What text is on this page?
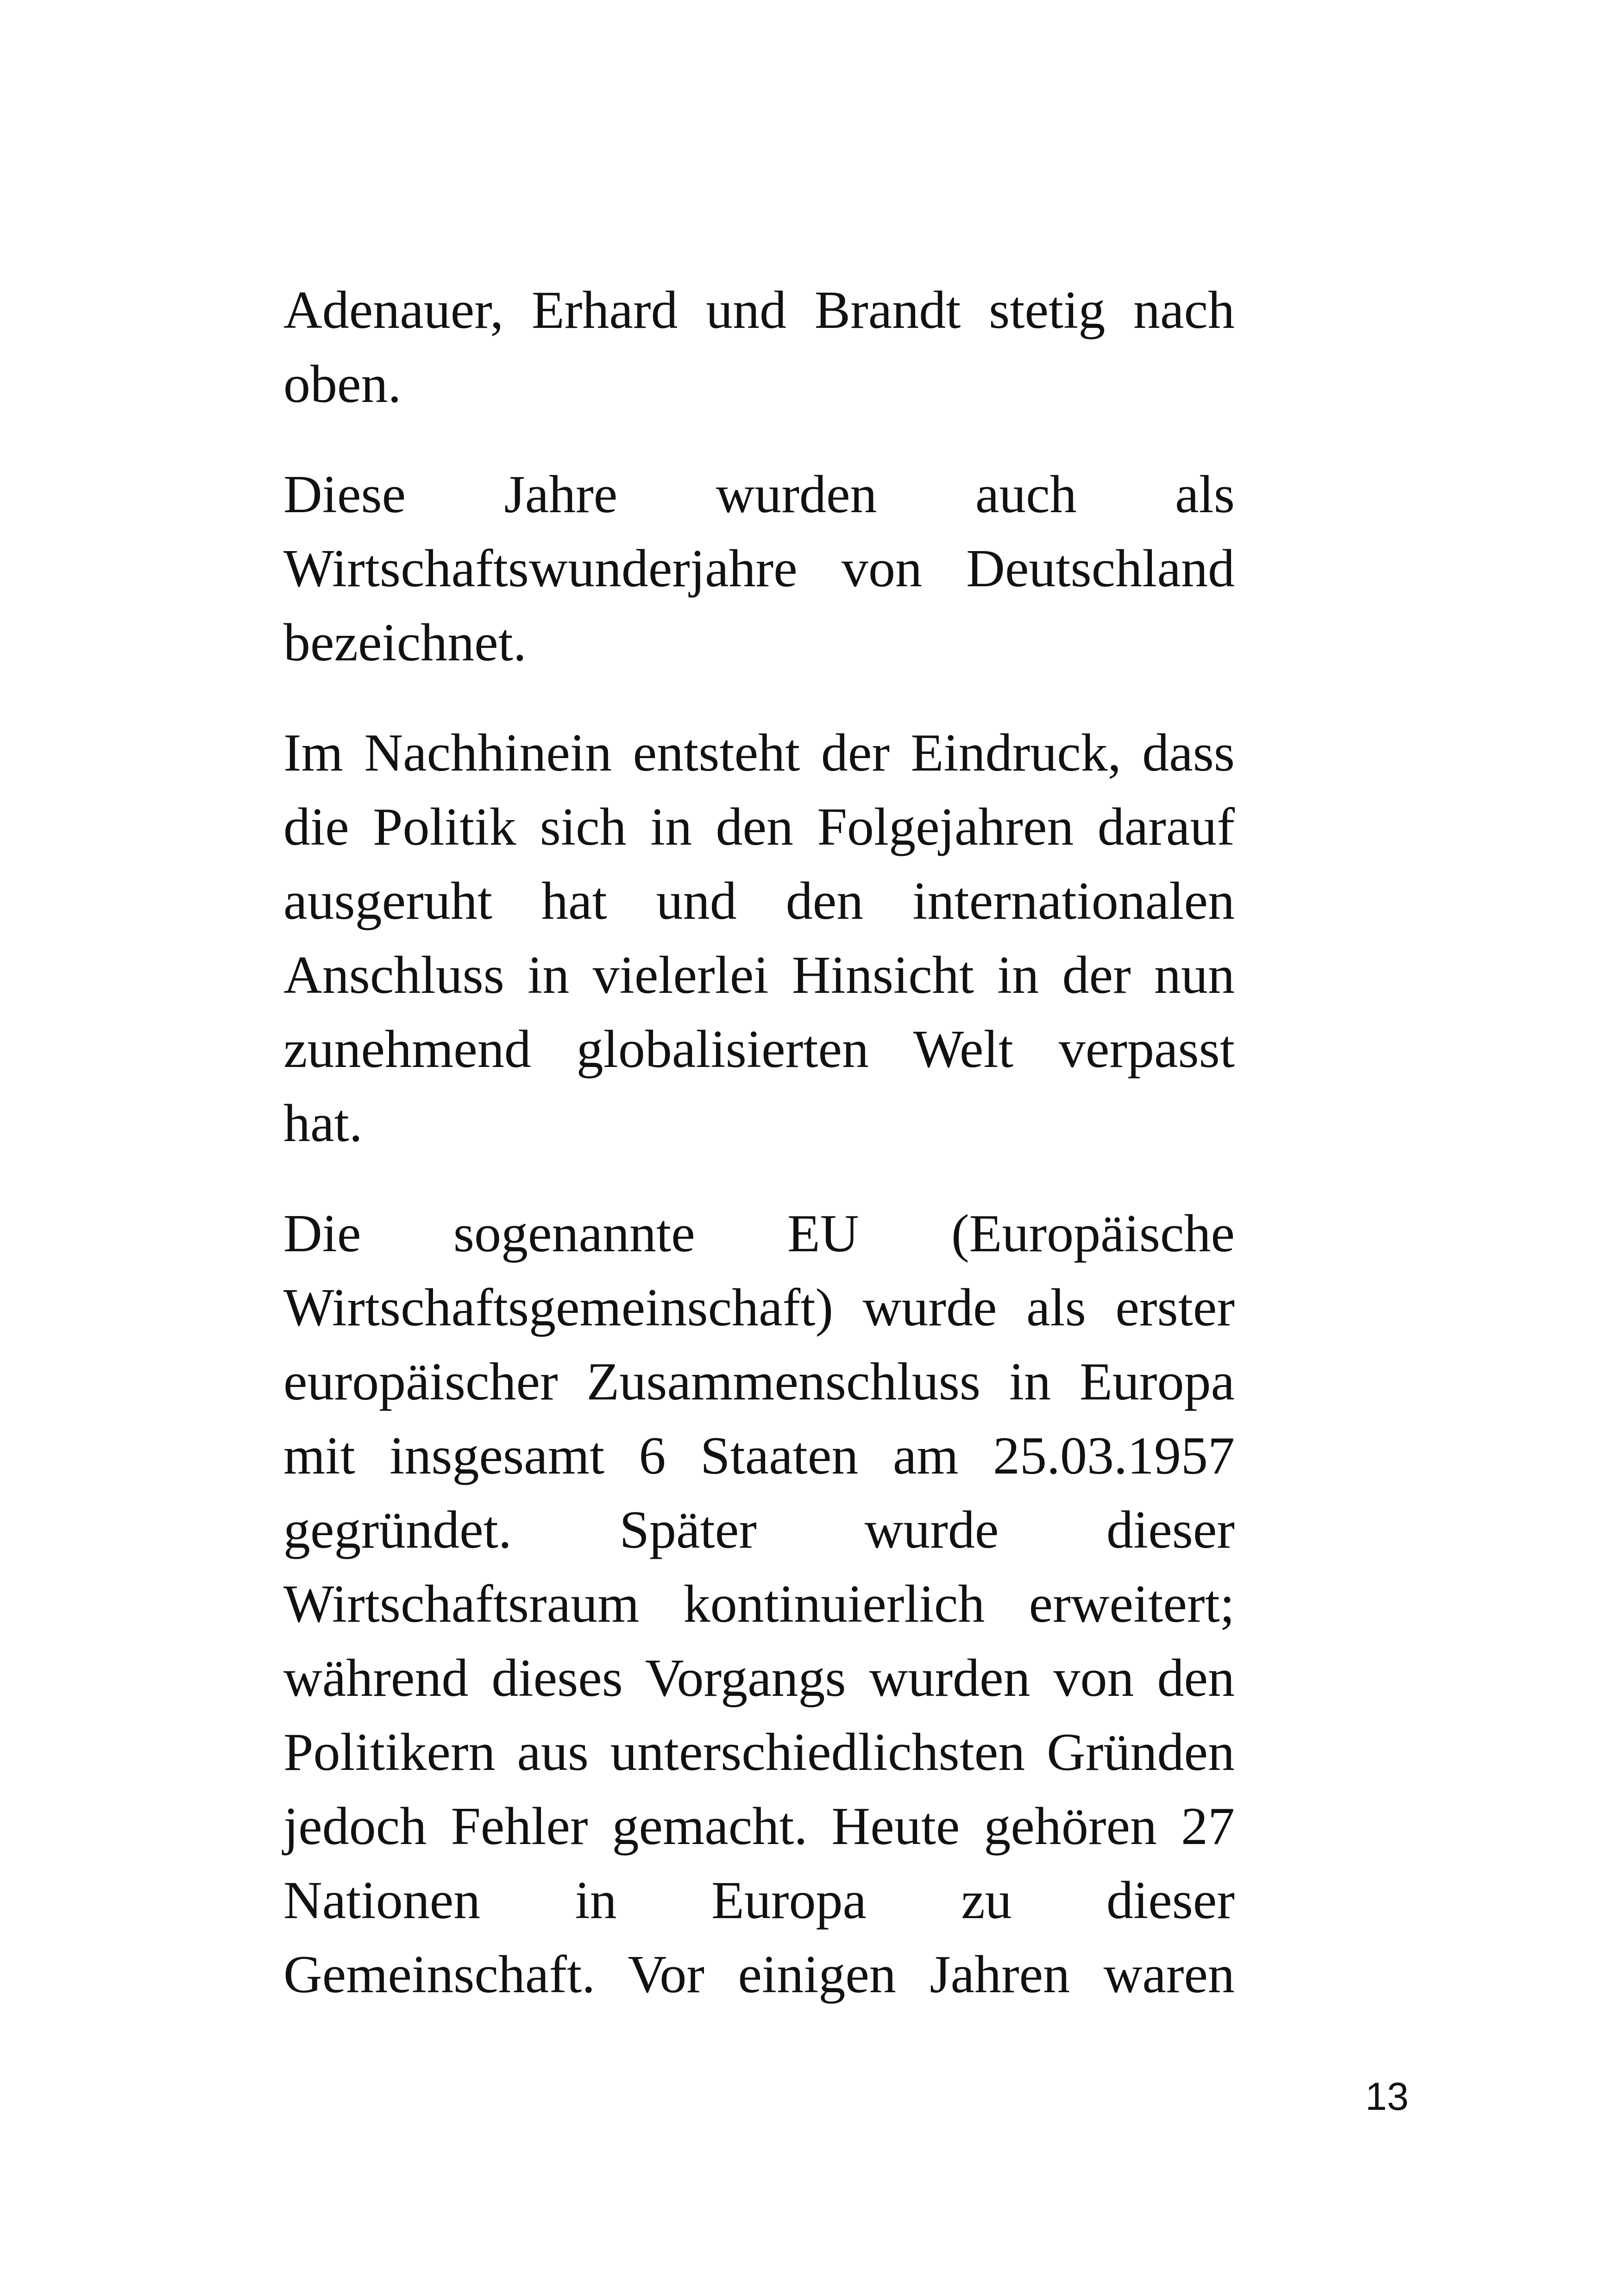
Adenauer, Erhard und Brandt stetig nach
oben.

Diese Jahre wurden auch als
Wirtschaftswunderjahre von Deutschland
bezeichnet.

Im Nachhinein entsteht der Eindruck, dass
die Politik sich in den Folgejahren darauf
ausgeruht hat und den internationalen
Anschluss in vielerlei Hinsicht in der nun
zunehmend globalisierten Welt verpasst
hat.

Die sogenannte EU (Europäische
Wirtschaftsgemeinschaft) wurde als erster
europäischer Zusammenschluss in Europa
mit insgesamt 6 Staaten am 25.03.1957
gegründet. Später wurde dieser
Wirtschaftsraum kontinuierlich erweitert;
während dieses Vorgangs wurden von den
Politikern aus unterschiedlichsten Gründen
jedoch Fehler gemacht. Heute gehören 27
Nationen in Europa zu dieser
Gemeinschaft. Vor einigen Jahren waren

13
